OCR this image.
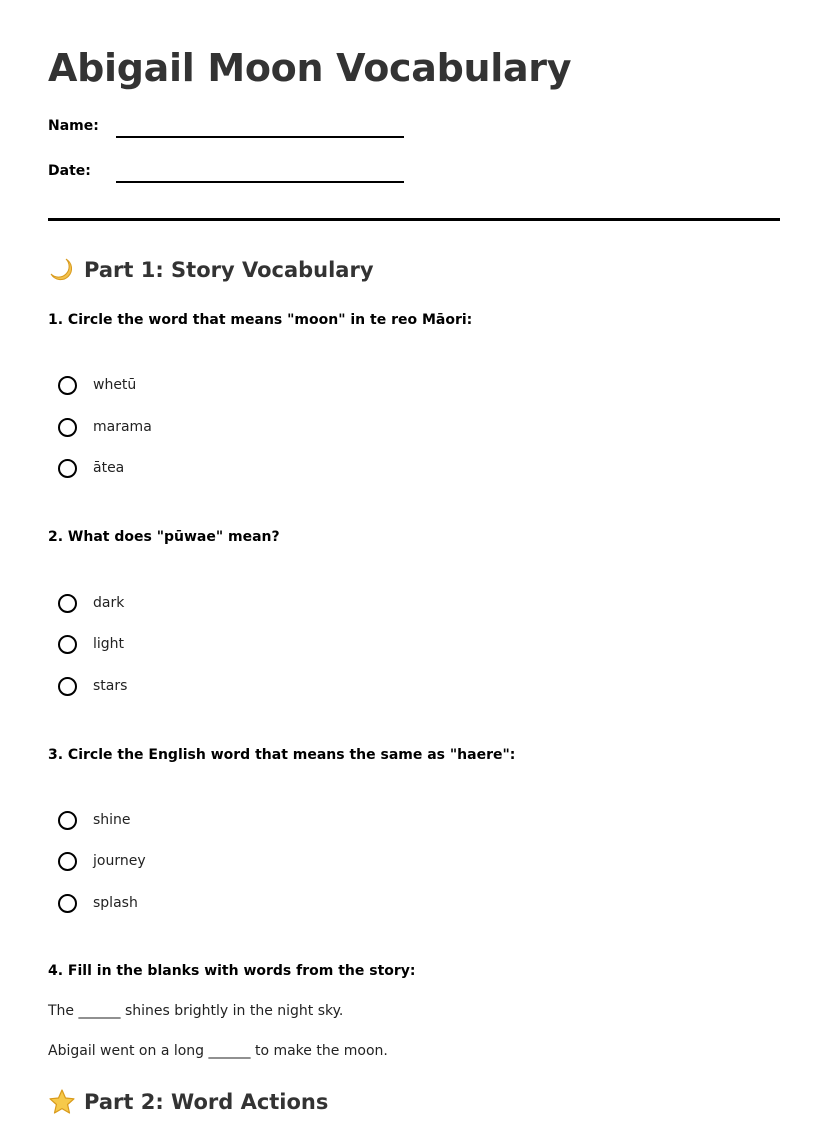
Abigail Moon Vocabulary
Name:
Date:
Part 1: Story Vocabulary
1. Circle the word that means "moon" in te reo Māori:
whetū
marama
ātea
2. What does "pūwae" mean?
dark
light
stars
3. Circle the English word that means the same as "haere":
shine
journey
splash
4. Fill in the blanks with words from the story:
The ______ shines brightly in the night sky.
Abigail went on a long ______ to make the moon.
Part 2: Word Actions
